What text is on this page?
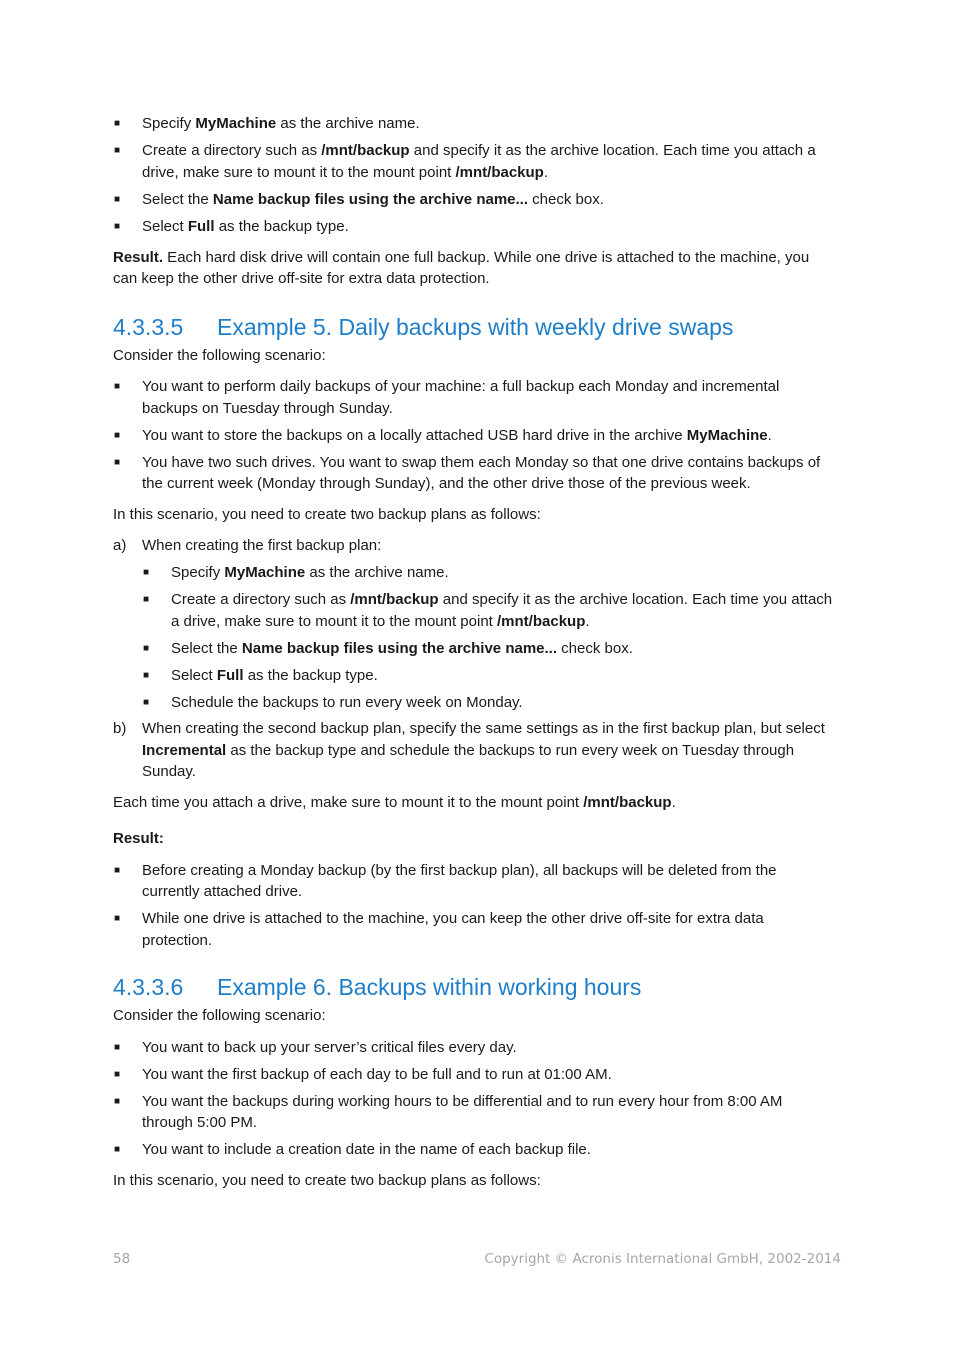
■ Specify MyMachine as the archive name.
■ Create a directory such as /mnt/backup and specify it as the archive location. Each time you attach a drive, make sure to mount it to the mount point /mnt/backup.
■ Select the Name backup files using the archive name... check box.
■ Select Full as the backup type.

Result. Each hard disk drive will contain one full backup. While one drive is attached to the machine, you can keep the other drive off-site for extra data protection.

4.3.3.5 Example 5. Daily backups with weekly drive swaps

Consider the following scenario:

■ You want to perform daily backups of your machine: a full backup each Monday and incremental backups on Tuesday through Sunday.
■ You want to store the backups on a locally attached USB hard drive in the archive MyMachine.
■ You have two such drives. You want to swap them each Monday so that one drive contains backups of the current week (Monday through Sunday), and the other drive those of the previous week.

In this scenario, you need to create two backup plans as follows:

a) When creating the first backup plan:
■ Specify MyMachine as the archive name.
■ Create a directory such as /mnt/backup and specify it as the archive location. Each time you attach a drive, make sure to mount it to the mount point /mnt/backup.
■ Select the Name backup files using the archive name... check box.
■ Select Full as the backup type.
■ Schedule the backups to run every week on Monday.
b) When creating the second backup plan, specify the same settings as in the first backup plan, but select Incremental as the backup type and schedule the backups to run every week on Tuesday through Sunday.

Each time you attach a drive, make sure to mount it to the mount point /mnt/backup.

Result:

■ Before creating a Monday backup (by the first backup plan), all backups will be deleted from the currently attached drive.
■ While one drive is attached to the machine, you can keep the other drive off-site for extra data protection.
4.3.3.6 Example 6. Backups within working hours

Consider the following scenario:

■ You want to back up your server’s critical files every day.
■ You want the first backup of each day to be full and to run at 01:00 AM.
■ You want the backups during working hours to be differential and to run every hour from 8:00 AM through 5:00 PM.
■ You want to include a creation date in the name of each backup file.

In this scenario, you need to create two backup plans as follows:

58	Copyright © Acronis International GmbH, 2002-2014
